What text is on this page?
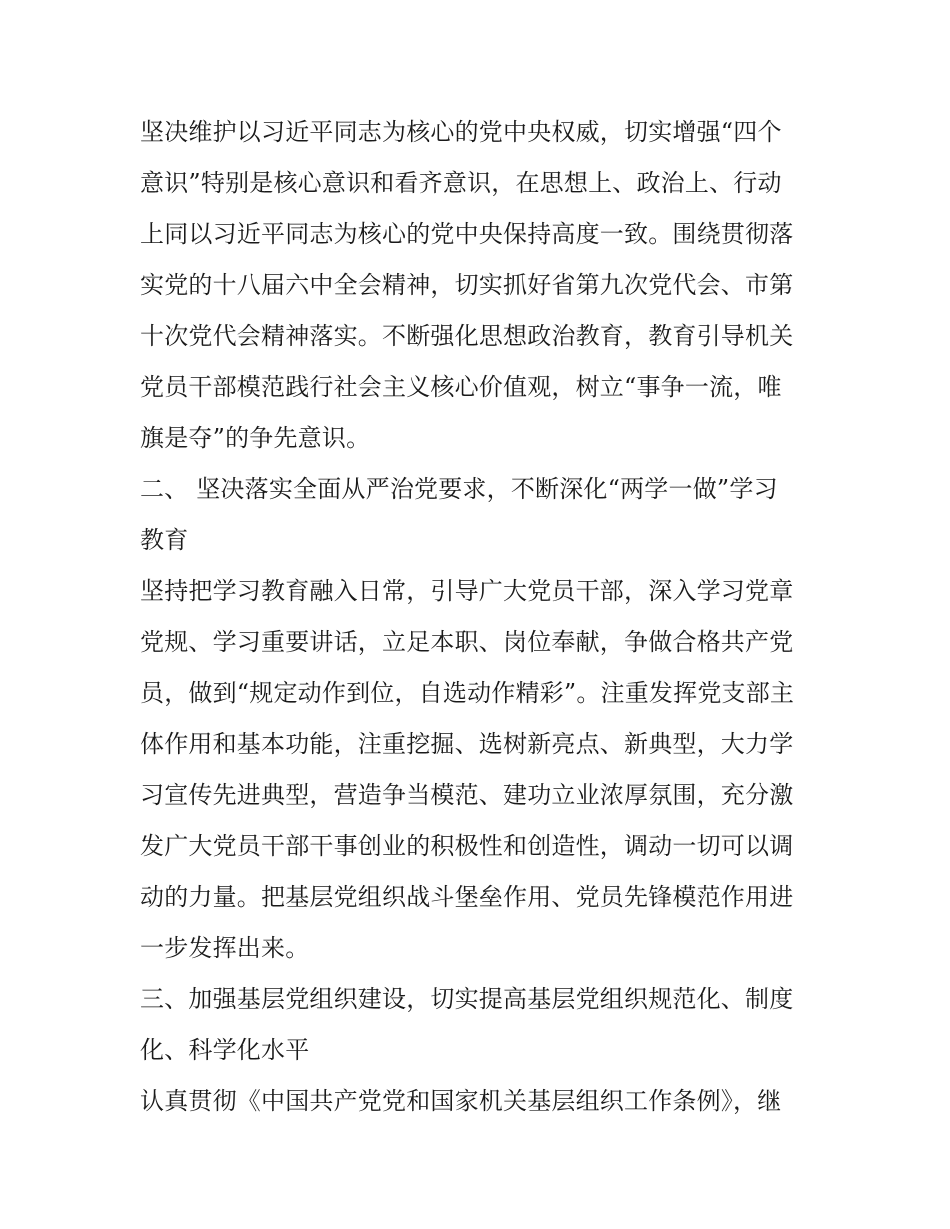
坚决维护以习近平同志为核心的党中央权威，切实增强“四个
意识”特别是核心意识和看齐意识，在思想上、政治上、行动
上同以习近平同志为核心的党中央保持高度一致。围绕贯彻落
实党的十八届六中全会精神，切实抓好省第九次党代会、市第
十次党代会精神落实。不断强化思想政治教育，教育引导机关
党员干部模范践行社会主义核心价值观，树立“事争一流，唯
旗是夺”的争先意识。
二、 坚决落实全面从严治党要求，不断深化“两学一做”学习
教育
坚持把学习教育融入日常，引导广大党员干部，深入学习党章
党规、学习重要讲话，立足本职、岗位奉献，争做合格共产党
员，做到“规定动作到位，自选动作精彩”。注重发挥党支部主
体作用和基本功能，注重挖掘、选树新亮点、新典型，大力学
习宣传先进典型，营造争当模范、建功立业浓厚氛围，充分激
发广大党员干部干事创业的积极性和创造性，调动一切可以调
动的力量。把基层党组织战斗堡垒作用、党员先锋模范作用进
一步发挥出来。
三、加强基层党组织建设，切实提高基层党组织规范化、制度
化、科学化水平
认真贯彻《中国共产党党和国家机关基层组织工作条例》，继
